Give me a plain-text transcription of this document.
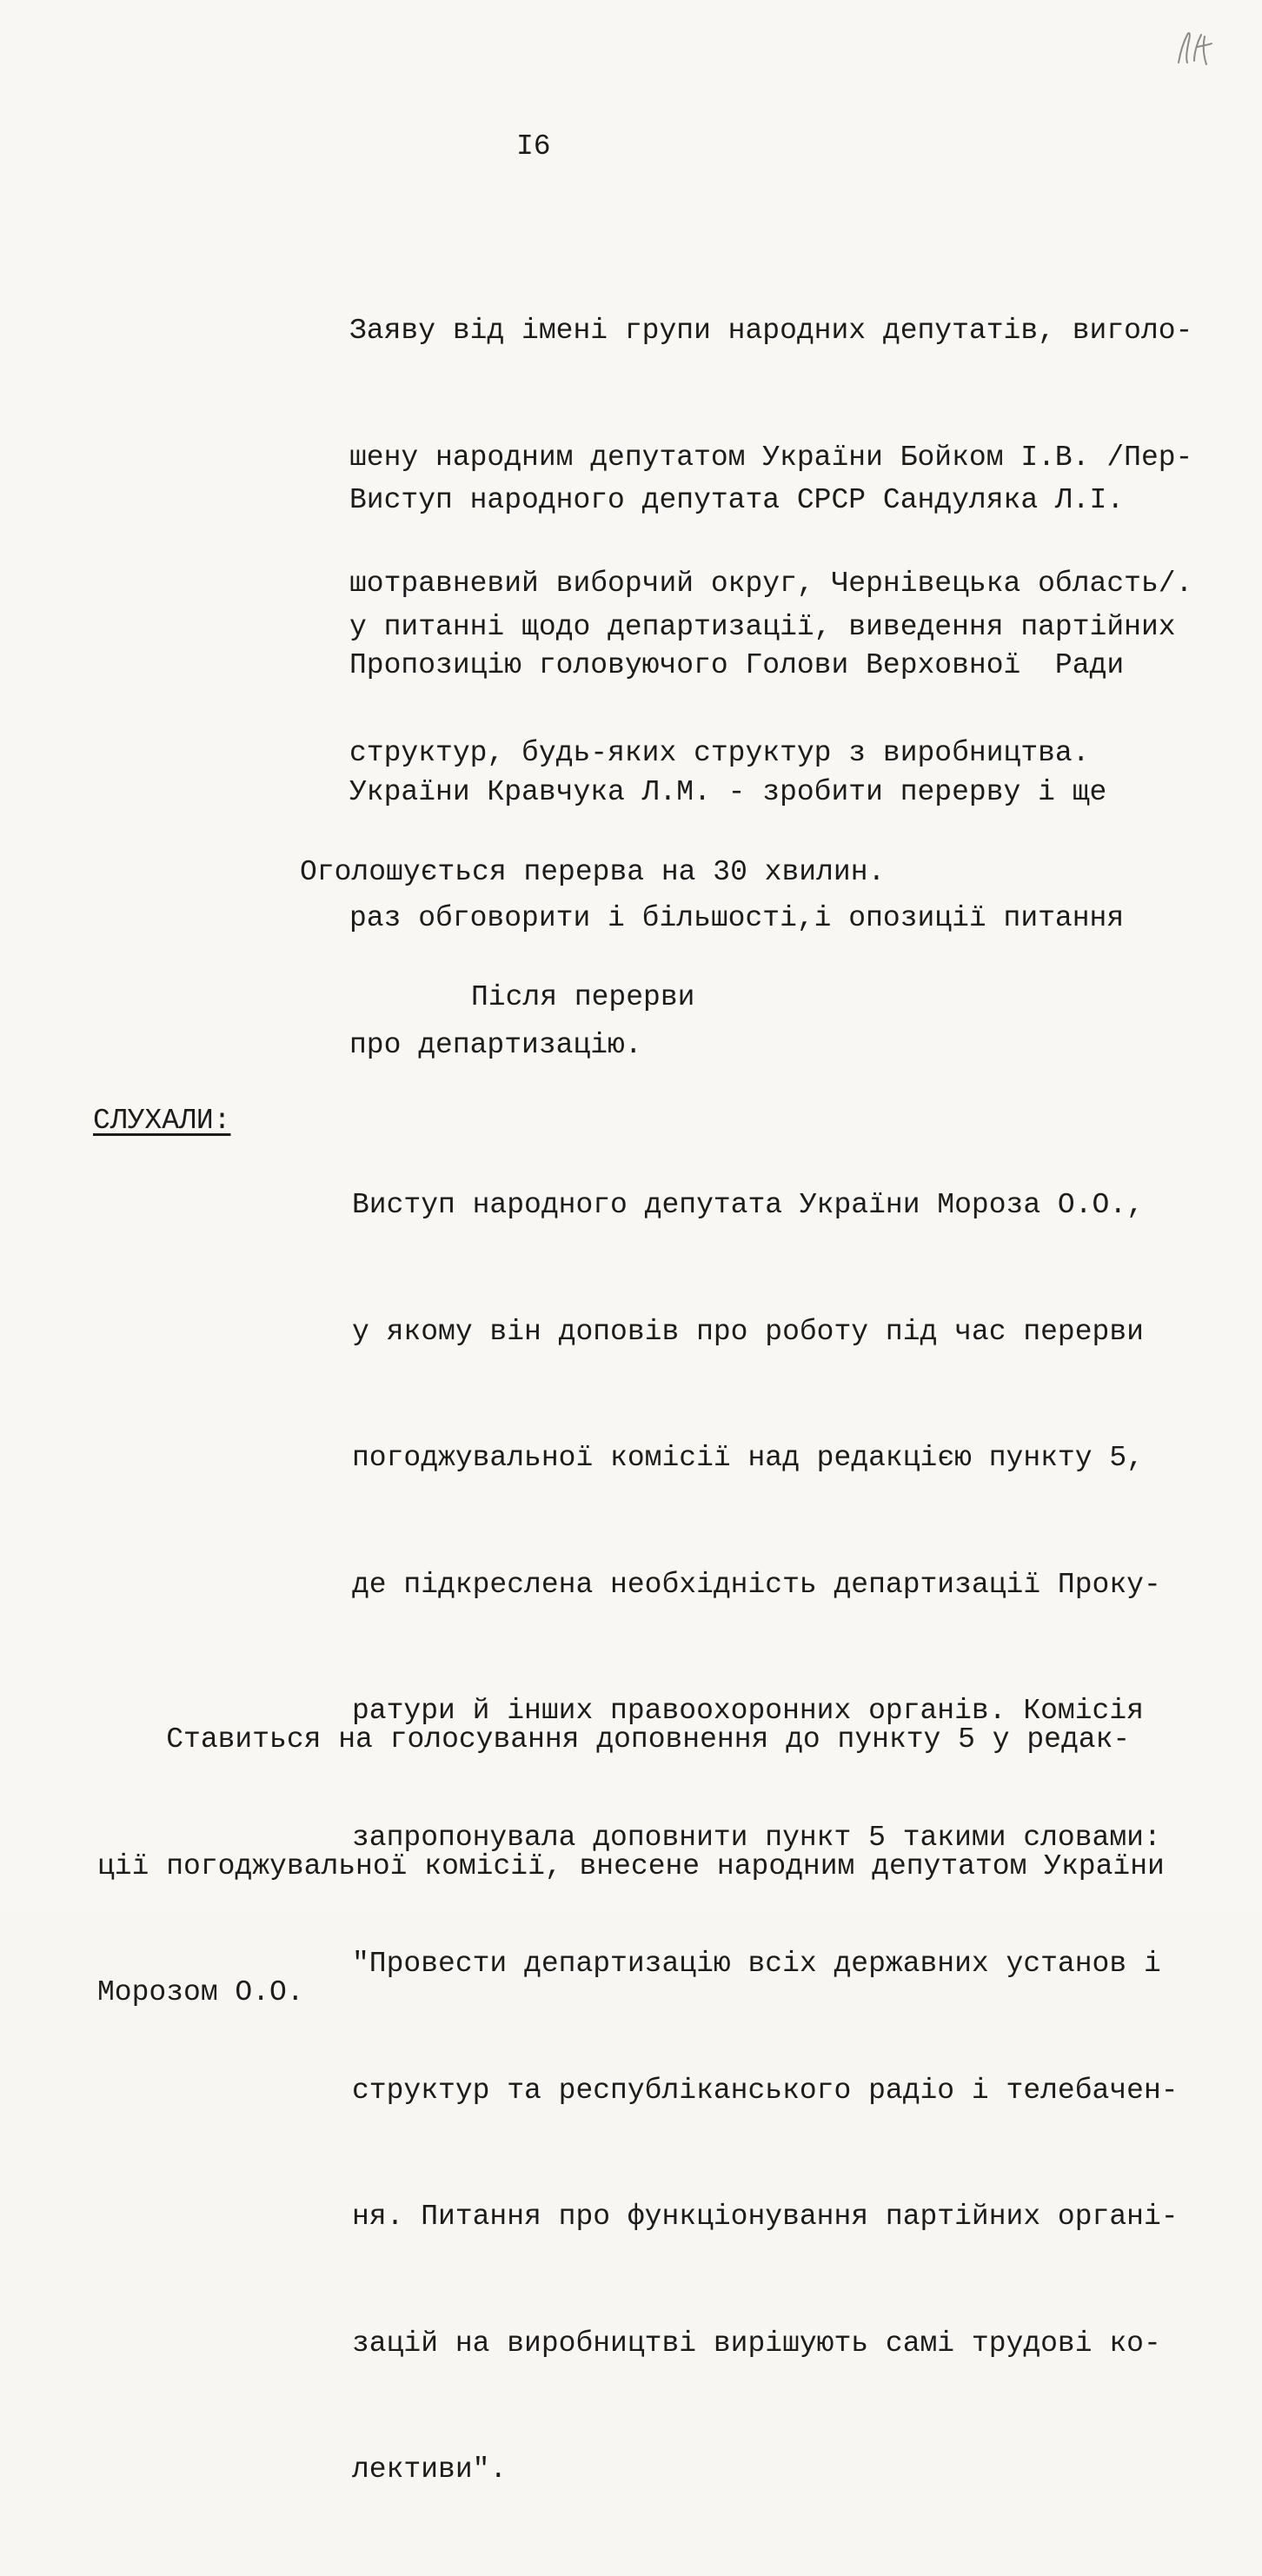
I6

Заяву від імені групи народних депутатів, виголо-

шену народним депутатом України Бойком І.В. /Пер-

шотравневий виборчий округ, Чернівецька область/.

Виступ народного депутата СРСР Сандуляка Л.І.

у питанні щодо департизації, виведення партійних

структур, будь-яких структур з виробництва.

Пропозицію головуючого Голови Верховної  Ради

України Кравчука Л.М. - зробити перерву і ще

раз обговорити і більшості,і опозиції питання

про департизацію.

Оголошується перерва на 30 хвилин.
Після перерви
СЛУХАЛИ:

Виступ народного депутата України Мороза О.О.,

у якому він доповів про роботу під час перерви

погоджувальної комісії над редакцією пункту 5,

де підкреслена необхідність департизації Проку-

ратури й інших правоохоронних органів. Комісія

запропонувала доповнити пункт 5 такими словами:

"Провести департизацію всіх державних установ і

структур та республіканського радіо і телебачен-

ня. Питання про функціонування партійних органі-

зацій на виробництві вирішують самі трудові ко-

лективи".

Ставиться на голосування доповнення до пункту 5 у редак-

ції погоджувальної комісії, внесене народним депутатом України

Морозом О.О.
